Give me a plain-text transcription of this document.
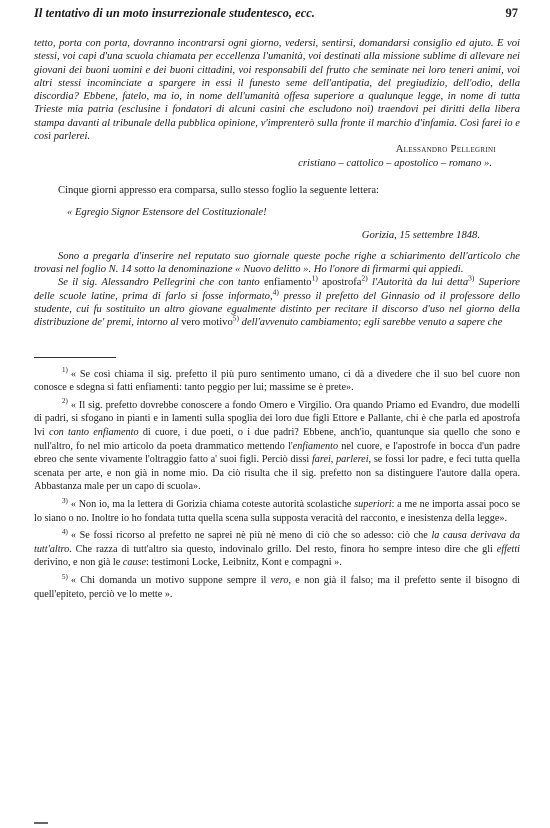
Il tentativo di un moto insurrezionale studentesco, ecc.	97

tetto, porta con porta, dovranno incontrarsi ogni giorno, vedersi, sentirsi, domandarsi consiglio ed ajuto. E voi stessi, voi capi d'una scuola chiamata per eccellenza l'umanità, voi destinati alla missione sublime di allevare nei giovani dei buoni uomini e dei buoni cittadini, voi responsabili del frutto che seminate nei loro teneri animi, voi altri stessi incominciate a spargere in essi il funesto seme dell'antipatia, del pregiudizio, dell'odio, della discordia? Ebbene, fatelo, ma io, in nome dell'umanità offesa superiore a qualunque legge, in nome di tutta Trieste mia patria (esclusine i fondatori di alcuni casini che escludono noi) traendovi pei diritti della libera stampa davanti al tribunale della pubblica opinione, v'imprenterò sulla fronte il marchio d'infamia. Così farei io e così parlerei.

Alessandro Pellegrini

cristiano – cattolico – apostolico – romano ».

Cinque giorni appresso era comparsa, sullo stesso foglio la seguente lettera:

« Egregio Signor Estensore del Costituzionale!

Gorizia, 15 settembre 1848.

Sono a pregarla d'inserire nel reputato suo giornale queste poche righe a schiarimento dell'articolo che trovasi nel foglio N. 14 sotto la denominazione « Nuovo delitto ». Ho l'onore di firmarmi qui appiedi.

Se il sig. Alessandro Pellegrini che con tanto enfiamento$^{1)}$ apostrofa$^{2)}$ l'Autorità da lui detta$^{3)}$ Superiore delle scuole latine, prima di farlo si fosse informato,$^{4)}$ presso il prefetto del Ginnasio od il professore dello studente, cui fu sostituito un altro giovane egualmente distinto per recitare il discorso d'uso nel giorno della distribuzione de' premi, intorno al vero motivo$^{5)}$ dell'avvenuto cambiamento; egli sarebbe venuto a sapere che

$^{1)}$ « Se così chiama il sig. prefetto il più puro sentimento umano, ci dà a divedere che il suo bel cuore non conosce e sdegna sì fatti enfiamenti: tanto peggio per lui; massime se è prete».

$^{2)}$ « Il sig. prefetto dovrebbe conoscere a fondo Omero e Virgilio. Ora quando Priamo ed Evandro, due modelli di padri, si sfogano in pianti e in lamenti sulla spoglia dei loro due figli Ettore e Pallante, chi è che parla ed apostrofa lvi con tanto enfiamento di cuore, i due poeti, o i due padri? Ebbene, anch'io, quantunque sia quello che sono e null'altro, fo nel mio articolo da poeta drammatico mettendo l'enfiamento nel cuore, e l'apostrofe in bocca d'un padre ebreo che sente vivamente l'oltraggio fatto a' suoi figli. Perciò dissi farei, parlerei, se fossi lor padre, e feci tutta quella scenata per arte, e non già in nome mio. Da ciò risulta che il sig. prefetto non sa distinguere l'autore dalla opera. Abbastanza male per un capo di scuola».

$^{3)}$ « Non io, ma la lettera di Gorizia chiama coteste autorità scolastiche superiori: a me ne importa assai poco se lo siano o no. Inoltre io ho fondata tutta quella scena sulla supposta veracità del racconto, e inesistenza della legge».

$^{4)}$ « Se fossi ricorso al prefetto ne saprei nè più nè meno di ciò che so adesso: ciò che la causa derivava da tutt'altro. Che razza di tutt'altro sia questo, indovinalo grillo. Del resto, finora ho sempre inteso dire che gli effetti derivino, e non già le cause: testimoni Locke, Leibnitz, Kont e compagni ».

$^{5)}$ « Chi domanda un motivo suppone sempre il vero, e non già il falso; ma il prefetto sente il bisogno di quell'epiteto, perciò ve lo mette ».
